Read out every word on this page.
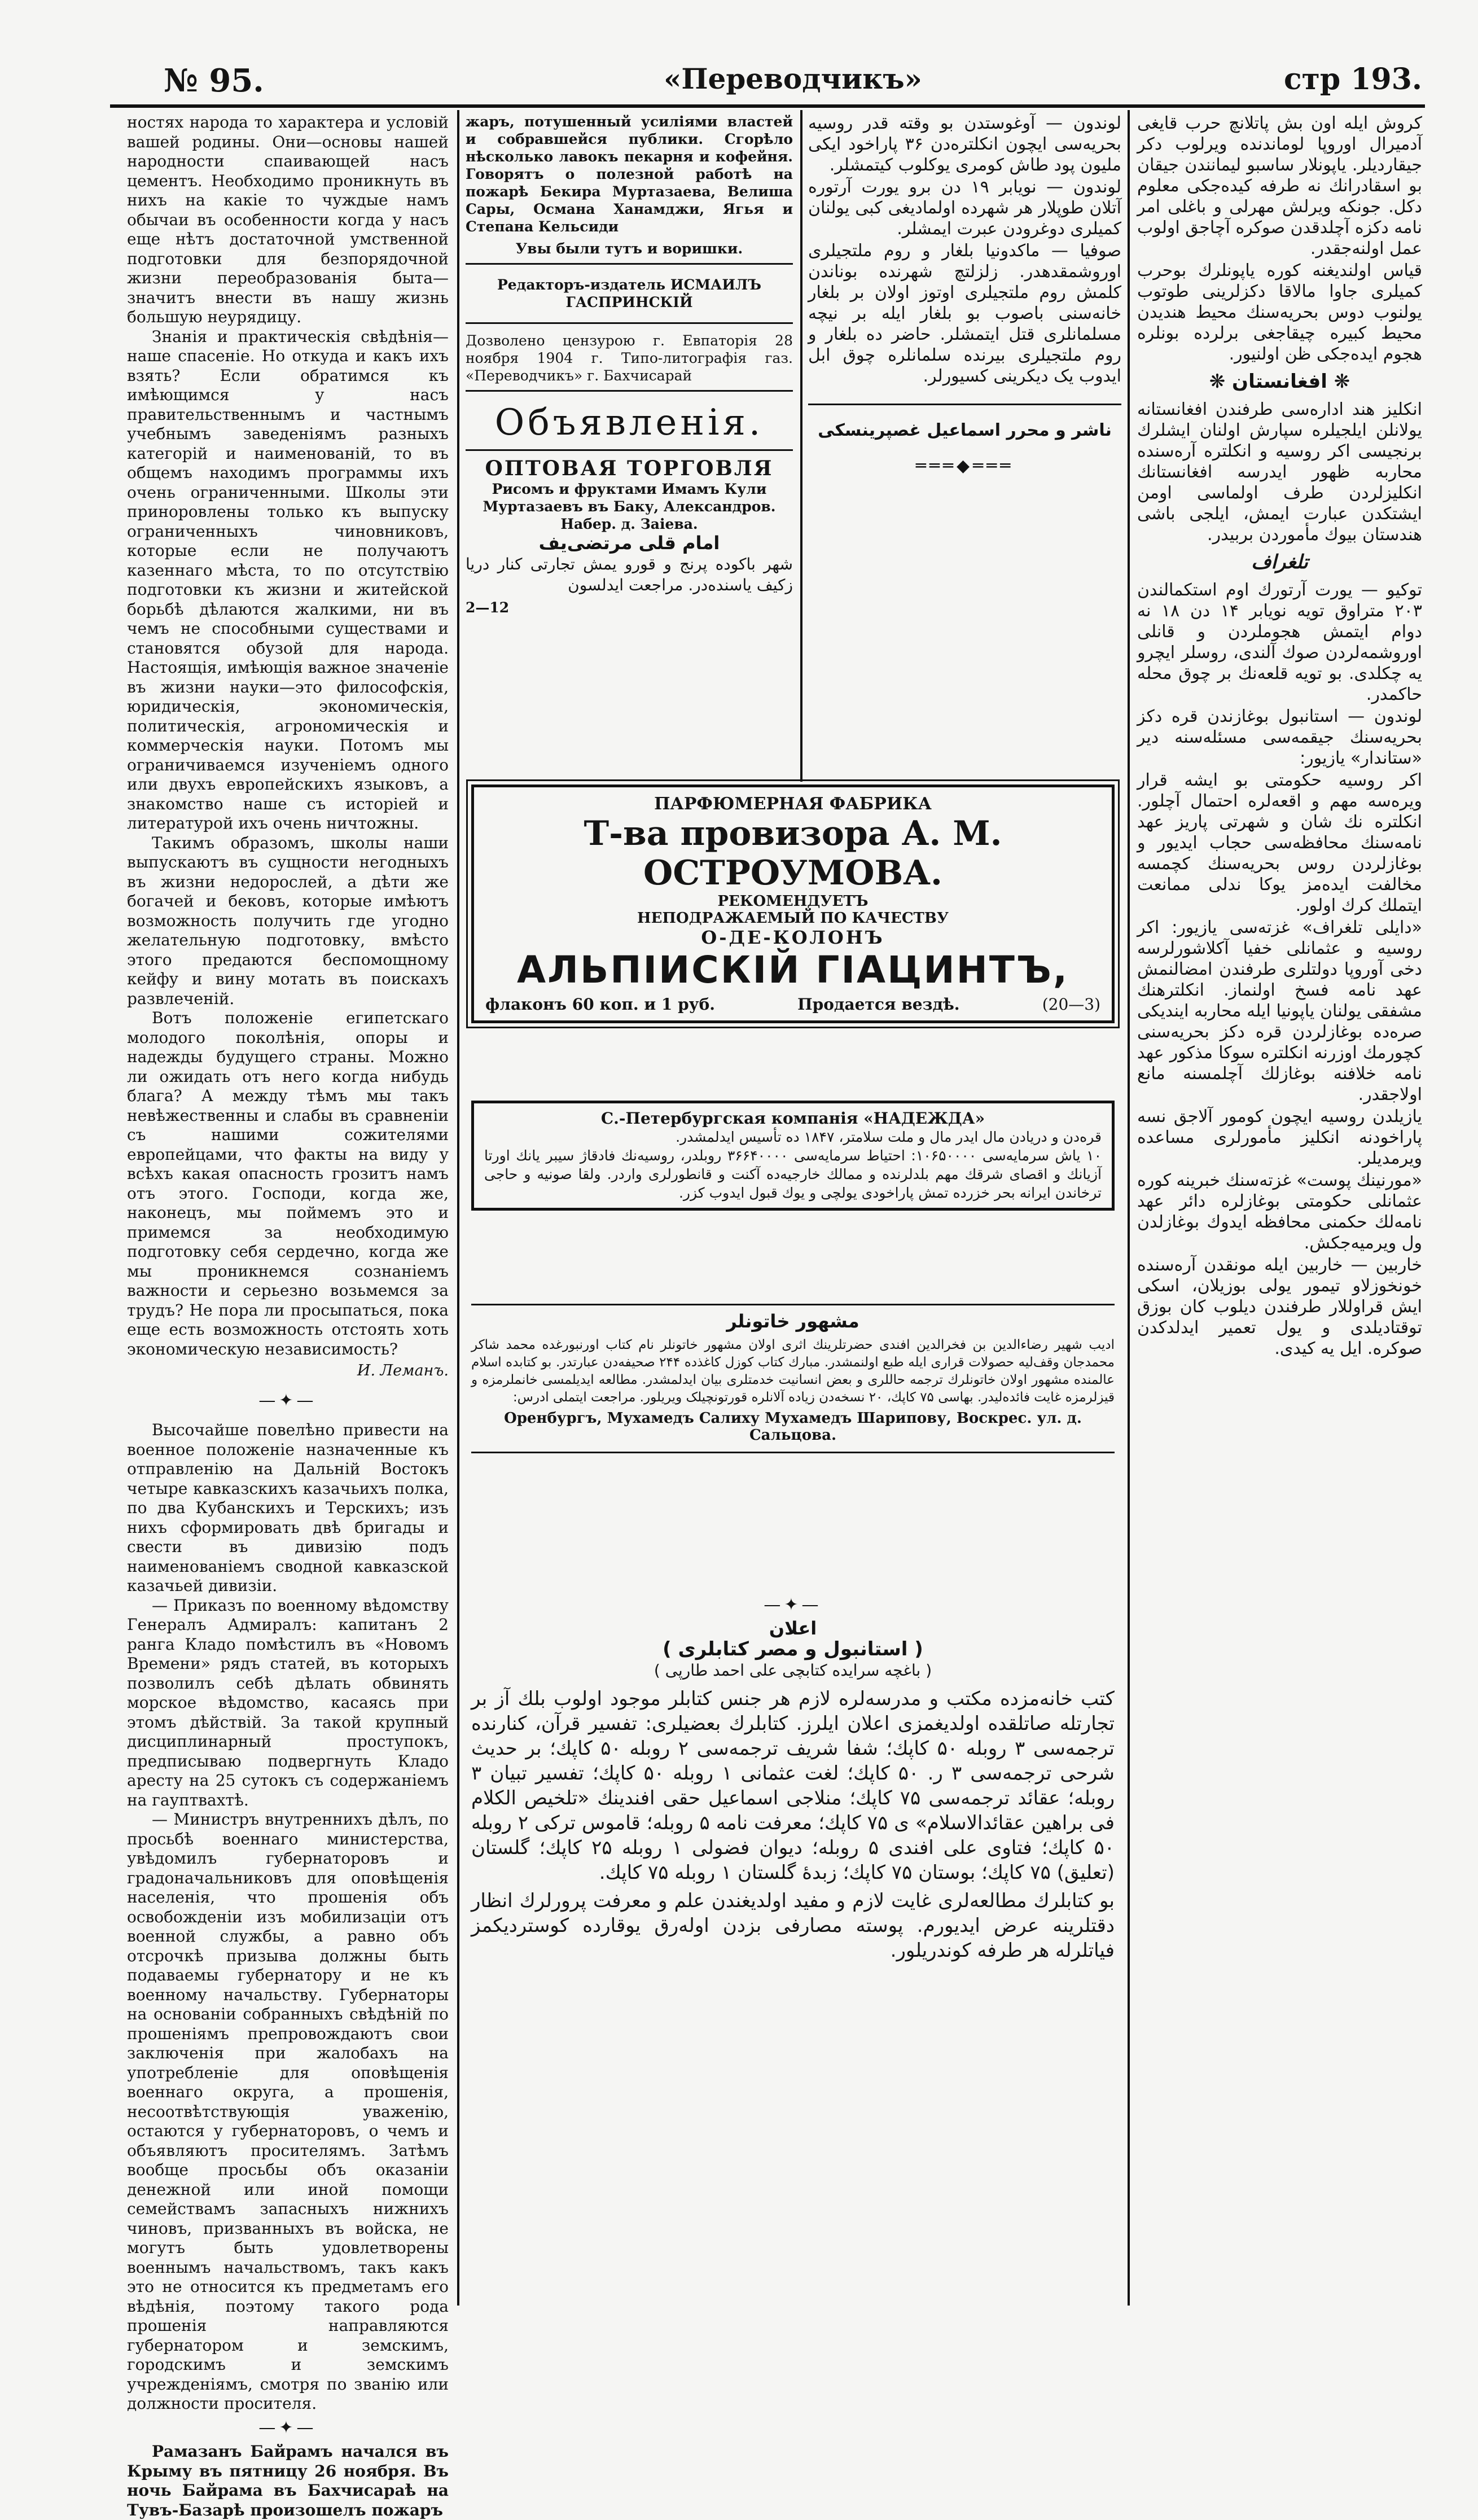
№ 95.	«Переводчикъ»	стр 193.

ностях народа то характера и условій вашей родины. Они—основы нашей народности спаивающей насъ цементъ. Необходимо проникнуть въ нихъ на какіе то чуждые намъ обычаи въ особенности когда у насъ еще нѣтъ достаточной умственной подготовки для безпорядочной жизни переобразованія быта—значитъ внести въ нашу жизнь большую неурядицу.

Знанія и практическія свѣдѣнія—наше спасеніе. Но откуда и какъ ихъ взять? Если обратимся къ имѣющимся у насъ правительственнымъ и частнымъ учебнымъ заведеніямъ разныхъ категорій и наименованій, то въ общемъ находимъ программы ихъ очень ограниченными. Школы эти приноровлены только къ выпуску ограниченныхъ чиновниковъ, которые если не получаютъ казеннаго мѣста, то по отсутствію подготовки къ жизни и житейской борьбѣ дѣлаются жалкими, ни въ чемъ не способными существами и становятся обузой для народа. Настоящія, имѣющія важное значеніе въ жизни науки—это философскія, юридическія, экономическія, политическія, агрономическія и коммерческія науки. Потомъ мы ограничиваемся изученіемъ одного или двухъ европейскихъ языковъ, а знакомство наше съ исторіей и литературой ихъ очень ничтожны.

Такимъ образомъ, школы наши выпускаютъ въ сущности негодныхъ въ жизни недорослей, а дѣти же богачей и бековъ, которые имѣютъ возможность получить где угодно желательную подготовку, вмѣсто этого предаются беспомощному кейфу и вину мотать въ поискахъ развлеченій.

Вотъ положеніе египетскаго молодого поколѣнія, опоры и надежды будущего страны. Можно ли ожидать отъ него когда нибудь блага? А между тѣмъ мы такъ невѣжественны и слабы въ сравненіи съ нашими сожителями европейцами, что факты на виду у всѣхъ какая опасность грозитъ намъ отъ этого. Господи, когда же, наконецъ, мы поймемъ это и примемся за необходимую подготовку себя сердечно, когда же мы проникнемся сознаніемъ важности и серьезно возьмемся за трудъ? Не пора ли просыпаться, пока еще есть возможность отстоять хоть экономическую независимость?

И. Леманъ.

—✦—

Высочайше повелѣно привести на военное положеніе назначенные къ отправленію на Дальній Востокъ четыре кавказскихъ казачьихъ полка, по два Кубанскихъ и Терскихъ; изъ нихъ сформировать двѣ бригады и свести въ дивизію подъ наименованіемъ сводной кавказской казачьей дивизіи.

— Приказъ по военному вѣдомству Генералъ Адмиралъ: капитанъ 2 ранга Кладо помѣстилъ въ «Новомъ Времени» рядъ статей, въ которыхъ позволилъ себѣ дѣлать обвинять морское вѣдомство, касаясь при этомъ дѣйствій. За такой крупный дисциплинарный проступокъ, предписываю подвергнуть Кладо аресту на 25 сутокъ съ содержаніемъ на гауптвахтѣ.

— Министръ внутреннихъ дѣлъ, по просьбѣ военнаго министерства, увѣдомилъ губернаторовъ и градоначальниковъ для оповѣщенія населенія, что прошенія объ освобожденіи изъ мобилизаціи отъ военной службы, а равно объ отсрочкѣ призыва должны быть подаваемы губернатору и не къ военному начальству. Губернаторы на основаніи собранныхъ свѣдѣній по прошеніямъ препровождаютъ свои заключенія при жалобахъ на употребленіе для оповѣщенія военнаго округа, а прошенія, несоотвѣтствующія уваженію, остаются у губернаторовъ, о чемъ и объявляютъ просителямъ. Затѣмъ вообще просьбы объ оказаніи денежной или иной помощи семействамъ запасныхъ нижнихъ чиновъ, призванныхъ въ войска, не могутъ быть удовлетворены военнымъ начальствомъ, такъ какъ это не относится къ предметамъ его вѣдѣнія, поэтому такого рода прошенія направляются губернатором и земскимъ, городскимъ и земскимъ учрежденіямъ, смотря по званію или должности просителя.

—✦—

Рамазанъ Байрамъ начался въ Крыму въ пятницу 26 ноября. Въ ночь Байрама въ Бахчисараѣ на Тувъ-Базарѣ произошелъ пожаръ

жаръ, потушенный усиліями властей и собравшейся публики. Сгорѣло нѣсколько лавокъ пекарня и кофейня. Говорятъ о полезной работѣ на пожарѣ Бекира Муртазаева, Велиша Сары, Османа Ханамджи, Ягья и Степана Кельсиди
Увы были тутъ и воришки.
Редакторъ-издатель ИСМАИЛЪ ГАСПРИНСКІЙ
Дозволено цензурою г. Евпаторія 28 ноября 1904 г. Типо-литографія газ. «Переводчикъ» г. Бахчисарай
Объявленія.
ОПТОВАЯ ТОРГОВЛЯ
Рисомъ и фруктами Имамъ Кули Муртазаевъ въ Баку, Александров. Набер. д. Заіева.
امام قلی مرتضی‌یف
شهر باکوده پرنج و قورو یمش تجارتی کنار دریا زکیف یاسنده‌در. مراجعت ایدلسون
2—12

لوندون — آوغوستدن بو وقته قدر روسیه بحریه‌سی ایچون انکلتره‌دن ۳۶ پاراخود ایکی ملیون پود طاش کومری یوکلوب کیتمشلر.

لوندون — نویابر ۱۹ دن برو یورت آرتوره آتلان طوپلار هر شهرده اولمادیغی کبی یولنان کمیلری دوغرودن عبرت ایمشلر.

صوفیا — ماکدونیا بلغار و روم ملتجیلری اوروشمقدهدر. زلزلتچ شهرنده بوناندن کلمش روم ملتجیلری اوتوز اولان بر بلغار خانه‌سنی باصوب بو بلغار ایله بر نیچه مسلمانلری قتل ایتمشلر. حاضر ده بلغار و روم ملتجیلری بیرنده سلمانلره چوق ابل ایدوب یک دیکرینی کسیورلر.

ناشر و محرر اسماعیل غصپرینسکی
═══◆═══
ПАРФЮМЕРНАЯ ФАБРИКА
Т-ва провизора А. М. ОСТРОУМОВА.
РЕКОМЕНДУЕТЪ
НЕПОДРАЖАЕМЫЙ ПО КАЧЕСТВУ
О-ДЕ-КОЛОНЪ
АЛЬПІИСКІЙ ГІАЦИНТЪ,
флаконъ 60 коп. и 1 руб.	Продается вездѣ.	(20—3)
С.-Петербургская компанія «НАДЕЖДА»
قره‌دن و دریادن مال ایدر مال و ملت سلامتر، ۱۸۴۷ ده تأسیس ایدلمشدر.
۱۰ یاش سرمایه‌سی ۱۰۶۵۰۰۰۰: احتیاط سرمایه‌سی ۳۶۶۴۰۰۰۰ روبلدر، روسیه‌نك فادقاژ سیبر یانك اورتا آزیانك و اقصای شرقك مهم بلدلرنده و ممالك خارجیه‌ده آکنت و قانطورلری واردر. ولقا صونیه و حاجی ترخاندن ایرانه بحر خزرده تمش پاراخودی یولچی و یوك قبول ایدوب کزر.
مشهور خاتونلر
ادیب شهیر رضاءالدین بن فخرالدین افندی حضرتلرینك اثری اولان مشهور خاتونلر نام کتاب اورنبورغده محمد شاکر محمدجان وقف‌لیه حصولات قراری ایله طبع اولنمشدر. مبارك کتاب کوزل کاغذده ۲۴۴ صحیفه‌دن عبارتدر. بو کتابده اسلام عالمنده مشهور اولان خاتونلرك ترجمه حاللری و بعض انسانیت خدمتلری بیان ایدلمشدر. مطالعه ایدیلمسی خانملرمزه و قیزلرمزه غایت فائده‌لیدر. بهاسی ۷۵ کاپك، ۲۰ نسخه‌دن زیاده آلانلره قورتونچیلک ویریلور. مراجعت ایتملی ادرس:
Оренбургъ, Мухамедъ Салиху Мухамедъ Шарипову, Воскрес. ул. д. Сальцова.
—✦—
اعلان
( استانبول و مصر کتابلری )
( باغچه سرایده کتابچی علی احمد طارپی )
کتب خانه‌مزده مکتب و مدرسه‌لره لازم هر جنس کتابلر موجود اولوب بلك آز بر تجارتله صاتلقده اولدیغمزی اعلان ایلرز. کتابلرك بعضیلری: تفسیر قرآن، کنارنده ترجمه‌سی ۳ روبله ۵۰ کاپك؛ شفا شریف ترجمه‌سی ۲ روبله ۵۰ کاپك؛ بر حدیث شرحی ترجمه‌سی ۳ ر. ۵۰ کاپك؛ لغت عثمانی ۱ روبله ۵۰ کاپك؛ تفسیر تبیان ۳ روبله؛ عقائد ترجمه‌سی ۷۵ کاپك؛ منلاجی اسماعیل حقی افندینك «تلخیص الکلام فی براهین عقائدالاسلام» ی ۷۵ کاپك؛ معرفت نامه ۵ روبله؛ قاموس ترکی ۲ روبله ۵۰ کاپك؛ فتاوی علی افندی ۵ روبله؛ دیوان فضولی ۱ روبله ۲۵ کاپك؛ گلستان (تعلیق) ۷۵ کاپك؛ بوستان ۷۵ کاپك؛ زبدهٔ گلستان ۱ روبله ۷۵ کاپك.
بو کتابلرك مطالعه‌لری غایت لازم و مفید اولدیغندن علم و معرفت پرورلرك انظار دقتلرینه عرض ایدیورم. پوسته مصارفی بزدن اوله‌رق یوقارده کوستردیکمز فیاتلرله هر طرفه کوندریلور.

کروش ایله اون بش پاتلانچ حرب قایغی آدمیرال اوروپا لوماندنده ویرلوب دکر جیقاردیلر. یاپونلار ساسبو لیمانندن جیقان بو اسقادرانك نه طرفه کیده‌جکی معلوم دکل. جونکه ویرلش مهرلی و باغلی امر نامه دکزه آچلدقدن صوکره آچاجق اولوب عمل اولنه‌جقدر.

قیاس اولندیغنه کوره یاپونلرك بوحرب کمیلری جاوا مالاقا دکزلرینی طوتوب یولنوب دوس بحریه‌سنك محیط هندیدن محیط کبیره چیقاجغی برلرده بونلره هجوم ایده‌جکی ظن اولنیور.

❋ افغانستان ❋

انکلیز هند اداره‌سی طرفندن افغانستانه یولانلن ایلجیلره سپارش اولنان ایشلرك برنجیسی اکر روسیه و انکلتره آره‌سنده محاربه ظهور ایدرسه افغانستانك انکلیزلردن طرف اولماسی اومن ایشتکدن عبارت ایمش، ایلجی باشی هندستان بیوك مأموردن بربیدر.

تلغراف

توکیو — یورت آرتورك اوم استکمالندن ۲۰۳ متراوق تویه نویابر ۱۴ دن ۱۸ نه دوام ایتمش هجوملردن و قانلی اوروشمه‌لردن صوك آلندی، روسلر ایچرو یه چکلدی. بو تویه قلعه‌نك بر چوق محله حاکمدر.

لوندون — استانبول بوغازندن قره دکز بحریه‌سنك جیقمه‌سی مسئله‌سنه دیر «ستاندار» یازیور:

اکر روسیه حکومتی بو ایشه قرار ویره‌سه مهم و اقعه‌لره احتمال آچلور. انکلتره نك شان و شهرتی پاریز عهد نامه‌سنك محافظه‌سی حجاب ایدیور و بوغازلردن روس بحریه‌سنك کچمسه مخالفت ایده‌مز یوکا ندلی ممانعت ایتملك کرك اولور.

«دایلی تلغراف» غزته‌سی یازیور: اکر روسیه و عثمانلی خفیا آکلاشورلرسه دخی آوروپا دولتلری طرفندن امضالنمش عهد نامه فسخ اولنماز. انکلترهنك مشفقی یولنان یاپونیا ایله محاربه ایندیکی صره‌ده بوغازلردن قره دکز بحریه‌سنی کچورمك اوزرنه انکلتره سوکا مذکور عهد نامه خلافنه بوغازلك آچلمسنه مانع اولاجقدر.

یازیلدن روسیه ایچون کومور آلاجق نسه پاراخودنه انکلیز مأمورلری مساعده ویرمدیلر.

«مورنینك پوست» غزته‌سنك خبرینه کوره عثمانلی حکومتی بوغازلره دائر عهد نامه‌لك حکمنی محافظه ایدوك بوغازلدن ول ویرمیه‌جکش.

خاربین — خاربین ایله مونقدن آره‌سنده خونخوزلاو تیمور یولی بوزیلان، اسکی ایش قراوللار طرفندن دیلوب کان بوزق توقتادیلدی و یول تعمیر ایدلدکدن صوکره. ایل یه کیدی.
